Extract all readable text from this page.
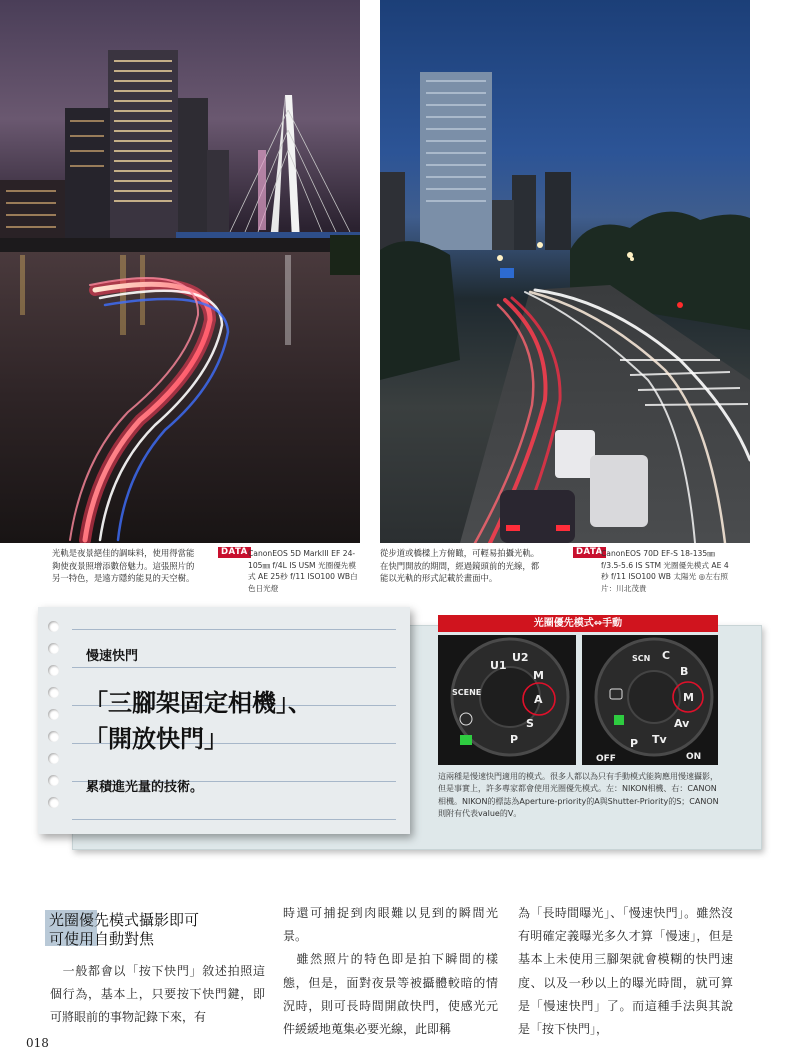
光軌是夜景絕佳的調味料，使用得當能夠使夜景照增添數倍魅力。這張照片的另一特色，是遠方隱約能見的天空樹。
DATA CanonEOS 5D MarkIII EF 24-105㎜ f/4L IS USM 光圈優先模式 AE 25秒 f/11 ISO100 WB白色日光燈
從步道或橋樑上方俯瞰，可輕易拍攝光軌。在快門開放的期間，經過鏡頭前的光線，都能以光軌的形式記載於畫面中。
DATA
CanonEOS 70D EF-S 18-135㎜ f/3.5-5.6 IS STM 光圈優先模式 AE 4秒 f/11 ISO100 WB 太陽光 ◎左右照片：川北茂貴
慢速快門
「三腳架固定相機」、
「開放快門」
累積進光量的技術。
光圈優先模式⇔手動
U1
U2
M
A
S
P
SCENE
C
B
M
Av
Tv
P
SCN
OFF	ON
這兩種是慢速快門適用的模式。很多人都以為只有手動模式能夠應用慢速攝影，但是事實上，許多專家都會使用光圈優先模式。左：NIKON相機、右：CANON相機。NIKON的標誌為Aperture-priority的A與Shutter-Priority的S；CANON則附有代表value的V。
光圈優先模式攝影即可
可使用自動對焦
　一般都會以「按下快門」敘述拍照這個行為，基本上，只要按下快門鍵，即可將眼前的事物記錄下來，有
時還可捕捉到肉眼難以見到的瞬間光景。
　雖然照片的特色即是拍下瞬間的樣態，但是，面對夜景等被攝體較暗的情況時，則可長時間開啟快門，使感光元件緩緩地蒐集必要光線，此即稱
為「長時間曝光」、「慢速快門」。雖然沒有明確定義曝光多久才算「慢速」，但是基本上未使用三腳架就會模糊的快門速度、以及一秒以上的曝光時間，就可算是「慢速快門」了。而這種手法與其說是「按下快門」，
018
